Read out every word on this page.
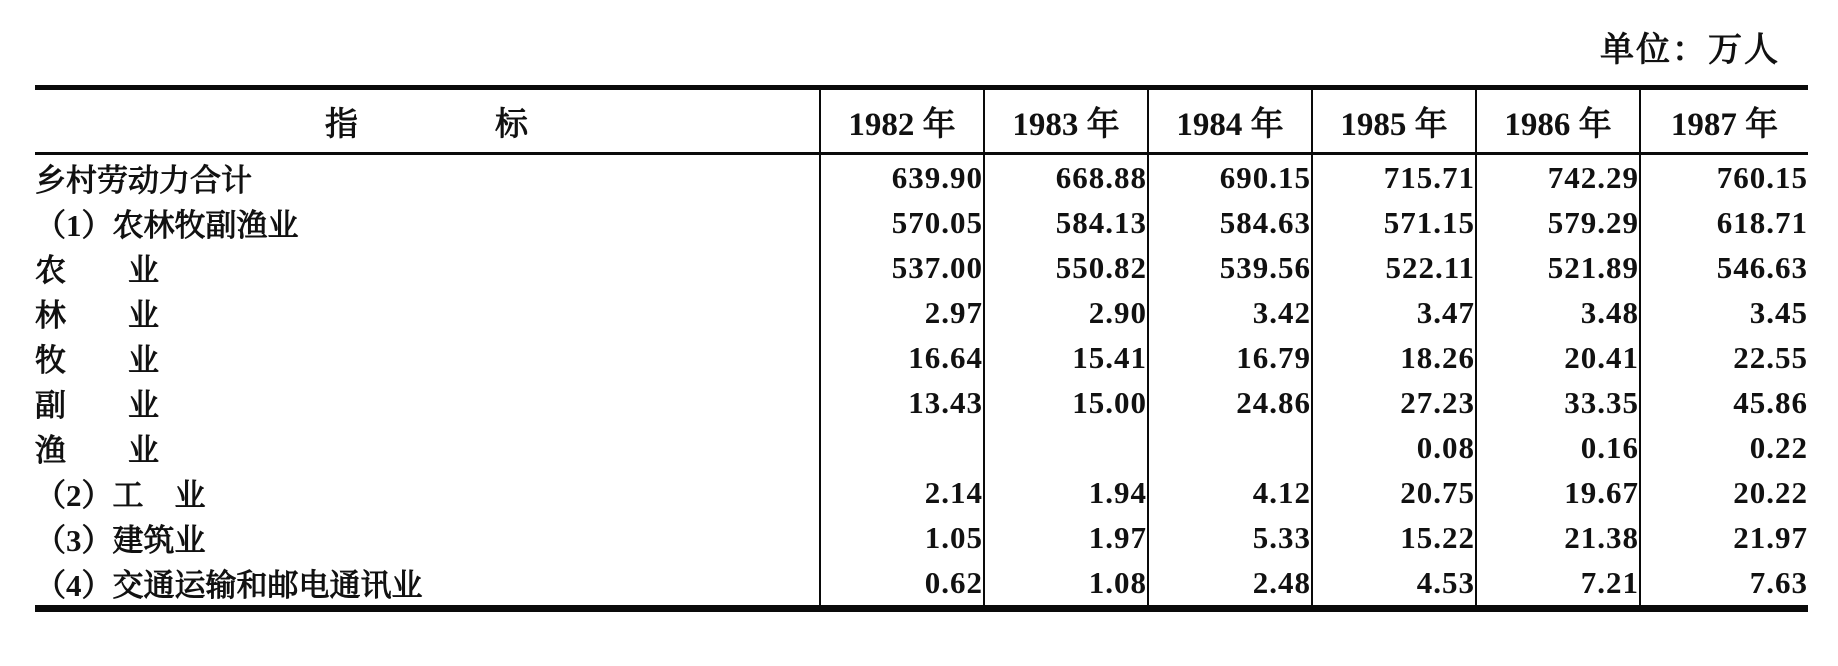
单位：万人
指　　　　标	1982 年	1983 年	1984 年	1985 年	1986 年	1987 年
乡村劳动力合计	639.90	668.88	690.15	715.71	742.29	760.15
（1）农林牧副渔业	570.05	584.13	584.63	571.15	579.29	618.71
农　　业	537.00	550.82	539.56	522.11	521.89	546.63
林　　业	2.97	2.90	3.42	3.47	3.48	3.45
牧　　业	16.64	15.41	16.79	18.26	20.41	22.55
副　　业	13.43	15.00	24.86	27.23	33.35	45.86
渔　　业				0.08	0.16	0.22
（2）工　业	2.14	1.94	4.12	20.75	19.67	20.22
（3）建筑业	1.05	1.97	5.33	15.22	21.38	21.97
（4）交通运输和邮电通讯业	0.62	1.08	2.48	4.53	7.21	7.63
